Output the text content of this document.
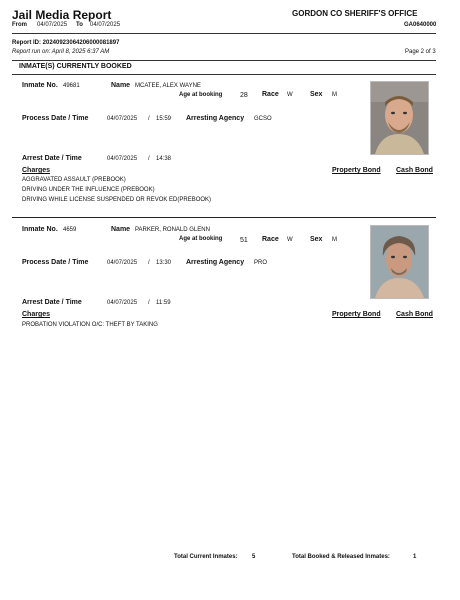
Jail Media Report	GORDON CO SHERIFF'S OFFICE
From 04/07/2025 To 04/07/2025	GA0640000
Report ID: 20240923064206000081897
Report run on: April 8, 2025 6:37 AM	Page 2 of 3
INMATE(S) CURRENTLY BOOKED
Inmate No. 49681	Name MCATEE, ALEX WAYNE
Age at booking	28 Race W Sex M
Process Date / Time	04/07/2025 / 15:59 Arresting Agency GCSO
Arrest Date / Time	04/07/2025 / 14:38
Charges	Property Bond Cash Bond
AGGRAVATED ASSAULT (PREBOOK)
DRIVING UNDER THE INFLUENCE (PREBOOK)
DRIVING WHILE LICENSE SUSPENDED OR REVOK ED(PREBOOK)
Inmate No. 4659	Name PARKER, RONALD GLENN
Age at booking	51 Race W Sex M
Process Date / Time	04/07/2025 / 13:30 Arresting Agency PRO
Arrest Date / Time	04/07/2025 / 11:59
Charges	Property Bond Cash Bond
PROBATION VIOLATION O/C: THEFT BY TAKING
Total Current Inmates: 5	Total Booked & Released Inmates:	1
